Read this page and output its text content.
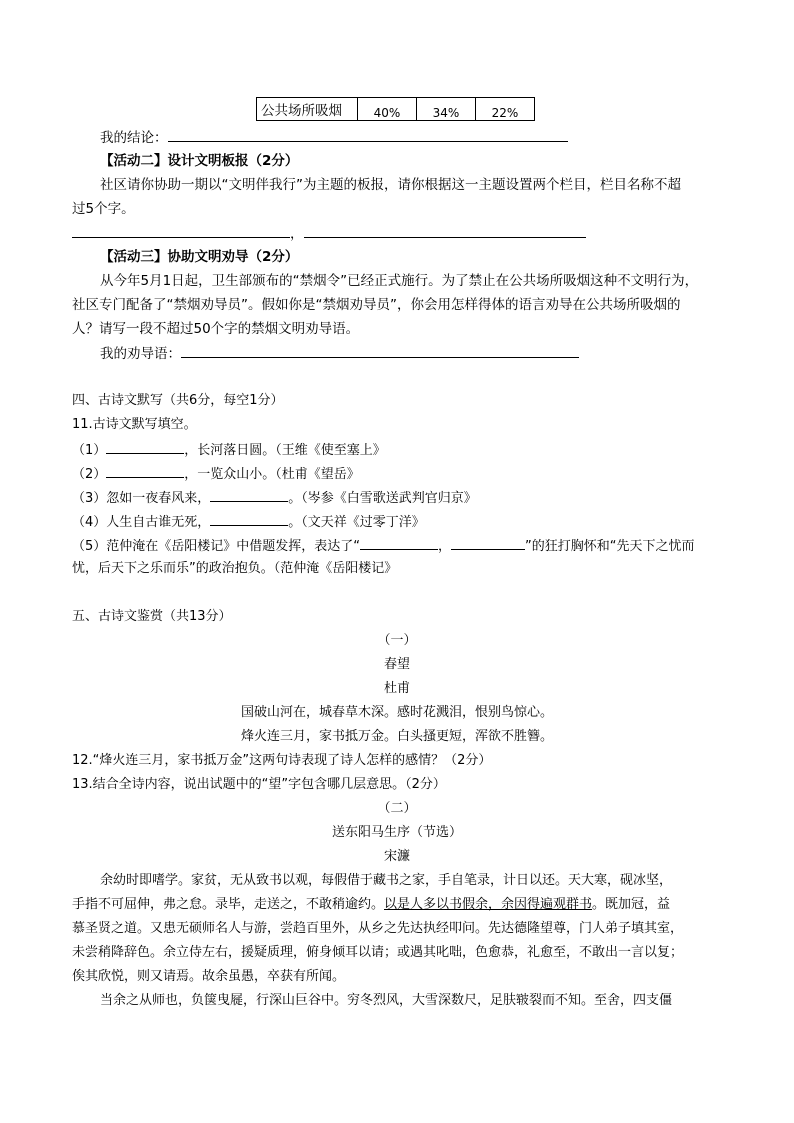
公共场所吸烟	40%	34%	22%
我的结论：
【活动二】设计文明板报（2分）
社区请你协助一期以“文明伴我行”为主题的板报，请你根据这一主题设置两个栏目，栏目名称不超
过5个字。
，
【活动三】协助文明劝导（2分）
从今年5月1日起，卫生部颁布的“禁烟令”已经正式施行。为了禁止在公共场所吸烟这种不文明行为，
社区专门配备了“禁烟劝导员”。假如你是“禁烟劝导员”，你会用怎样得体的语言劝导在公共场所吸烟的
人？请写一段不超过50个字的禁烟文明劝导语。
我的劝导语：
四、古诗文默写（共6分，每空1分）
11.古诗文默写填空。
（1）	，长河落日圆。（王维《使至塞上》
（2）	，一览众山小。（杜甫《望岳》
（3）忽如一夜春风来，	。（岑参《白雪歌送武判官归京》
（4）人生自古谁无死，	。（文天祥《过零丁洋》
（5）范仲淹在《岳阳楼记》中借题发挥，表达了“	，	”的狂打胸怀和“先天下之忧而
忧，后天下之乐而乐”的政治抱负。（范仲淹《岳阳楼记》
五、古诗文鉴赏（共13分）
（一）
春望
杜甫
国破山河在，城春草木深。感时花溅泪，恨别鸟惊心。
烽火连三月，家书抵万金。白头搔更短，浑欲不胜簪。
12.“烽火连三月，家书抵万金”这两句诗表现了诗人怎样的感情？（2分）
13.结合全诗内容，说出试题中的“望”字包含哪几层意思。（2分）
（二）
送东阳马生序（节选）
宋濂
余幼时即嗜学。家贫，无从致书以观，每假借于藏书之家，手自笔录，计日以还。天大寒，砚冰坚，
手指不可屈伸，弗之怠。录毕，走送之，不敢稍逾约。以是人多以书假余，余因得遍观群书。既加冠，益
慕圣贤之道。又患无硕师名人与游，尝趋百里外，从乡之先达执经叩问。先达德隆望尊，门人弟子填其室，
未尝稍降辞色。余立侍左右，援疑质理，俯身倾耳以请；或遇其叱咄，色愈恭，礼愈至，不敢出一言以复；
俟其欣悦，则又请焉。故余虽愚，卒获有所闻。
当余之从师也，负箧曳屣，行深山巨谷中。穷冬烈风，大雪深数尺，足肤皲裂而不知。至舍，四支僵
